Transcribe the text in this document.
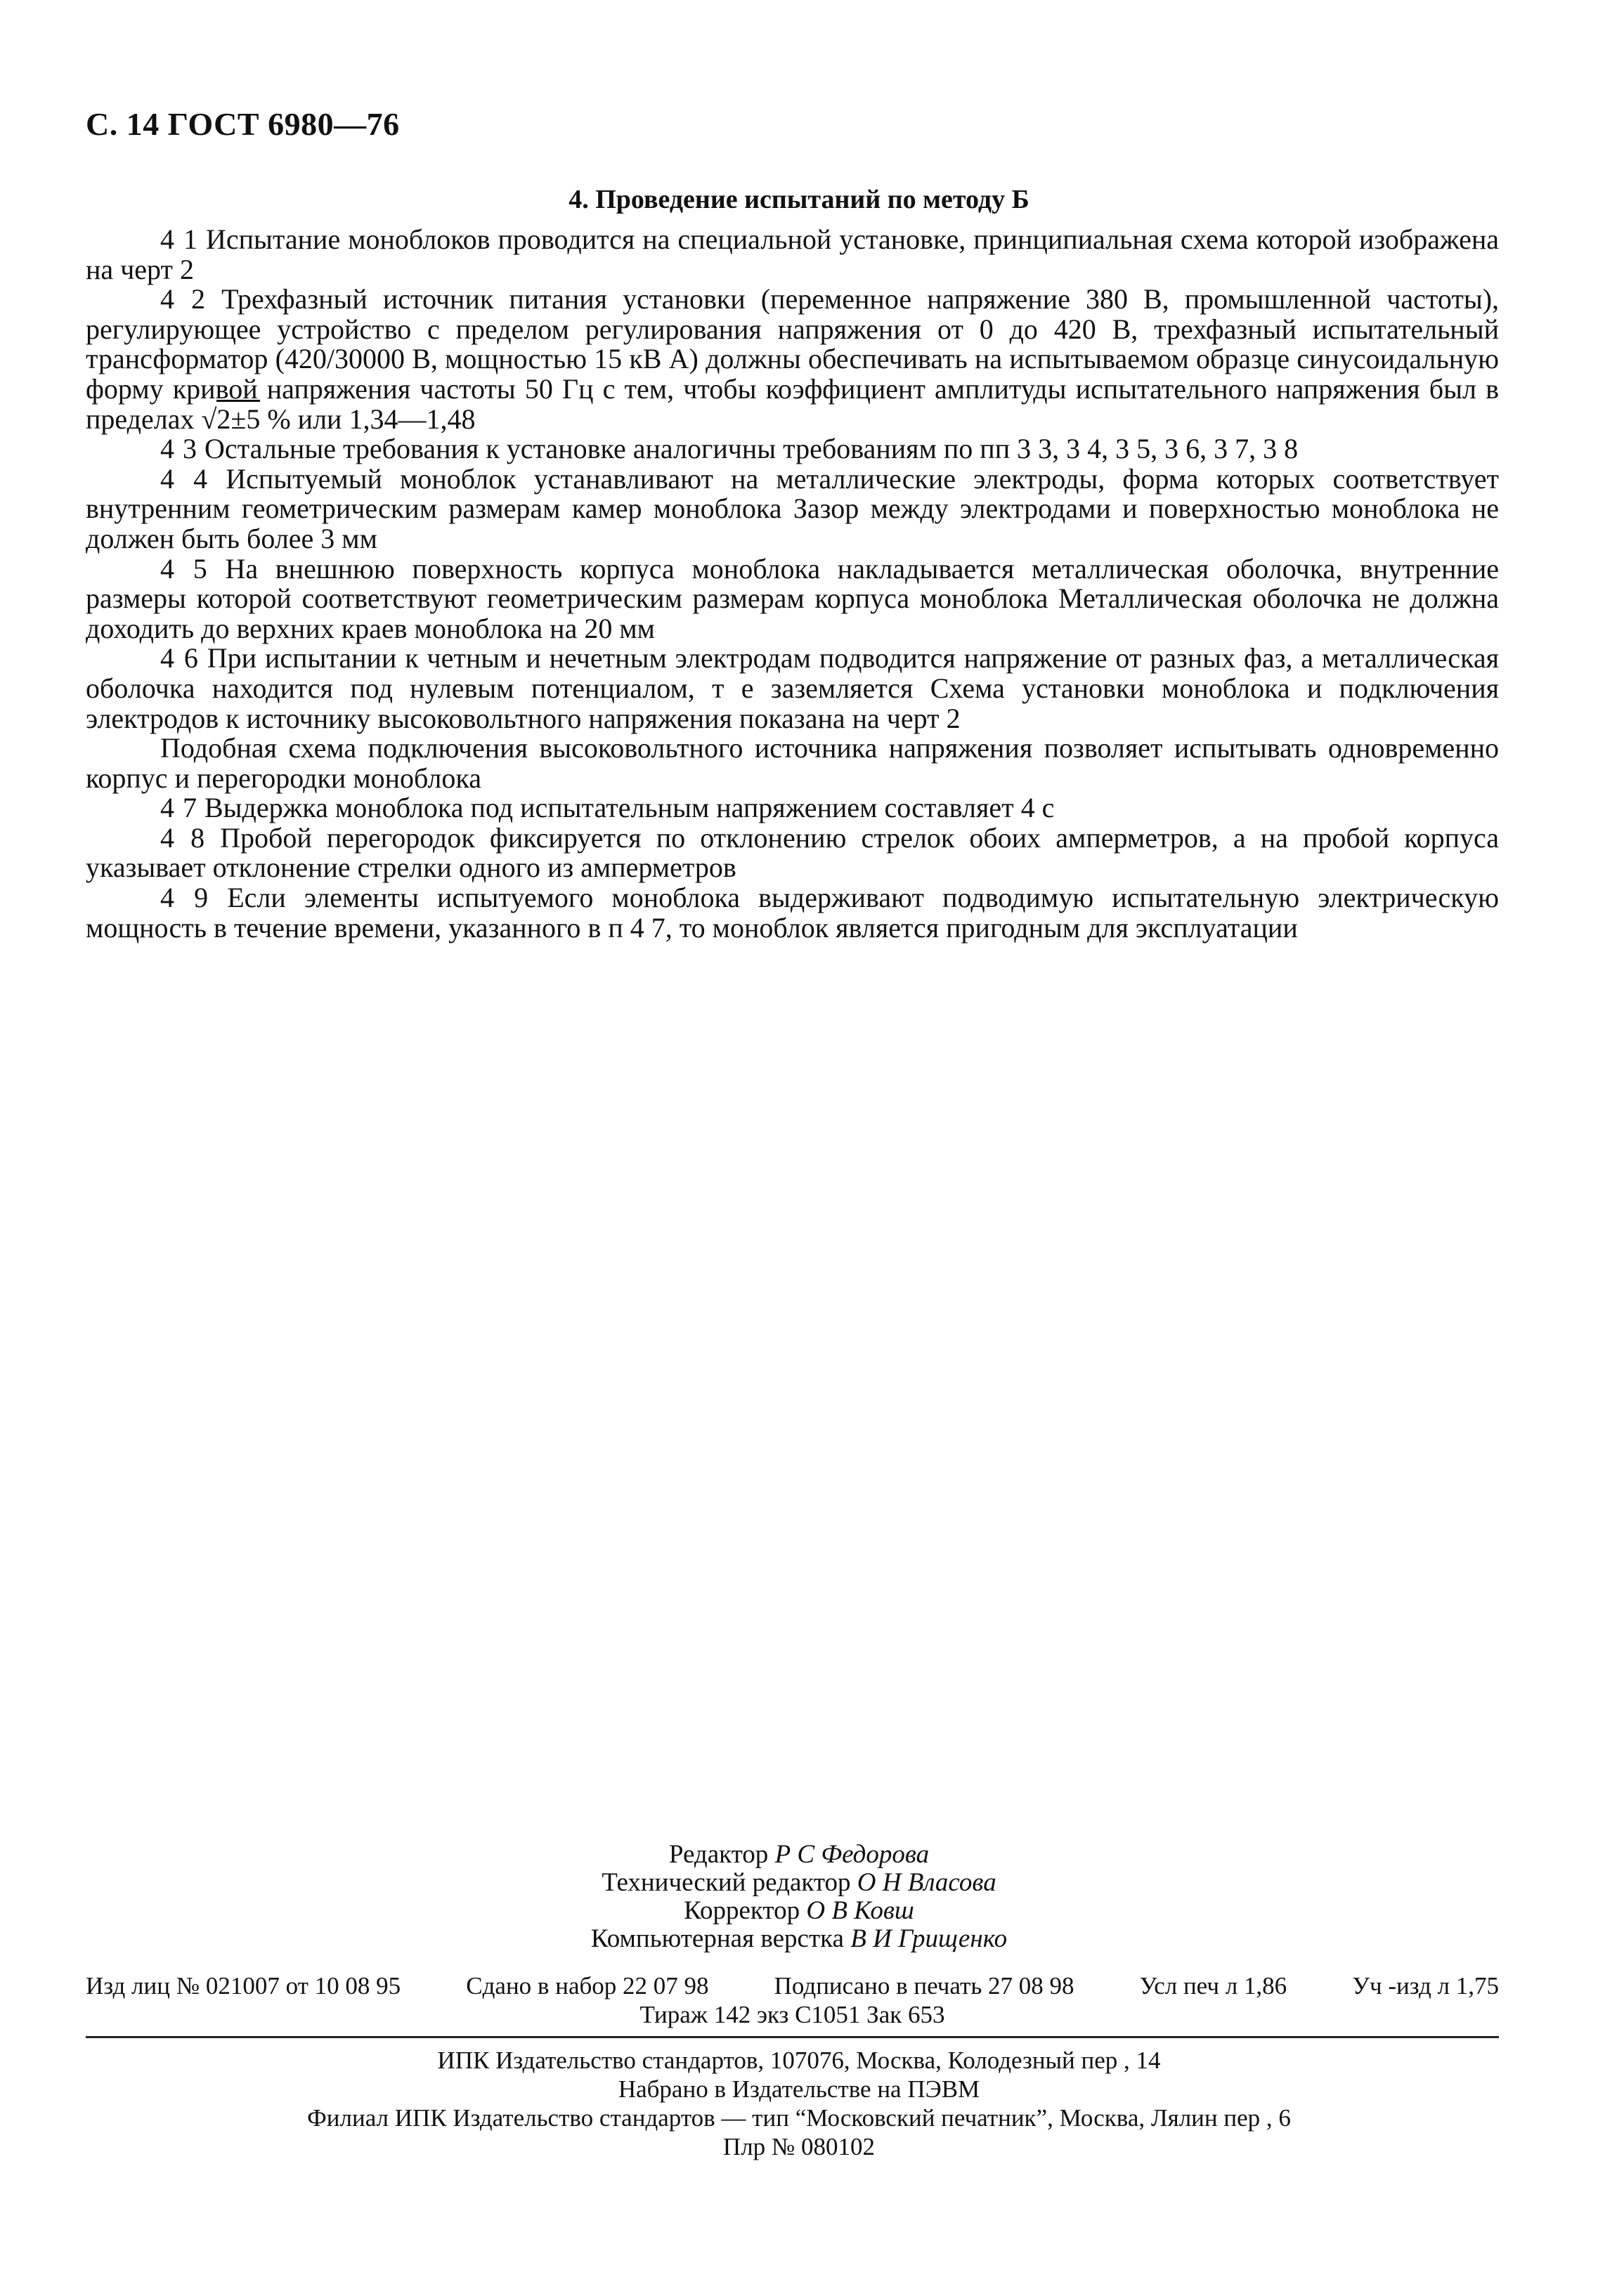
С. 14 ГОСТ 6980—76
4. Проведение испытаний по методу Б

4 1 Испытание моноблоков проводится на специальной установке, принципиальная схема которой изображена на черт 2

4 2 Трехфазный источник питания установки (переменное напряжение 380 В, промышленной частоты), регулирующее устройство с пределом регулирования напряжения от 0 до 420 В, трехфазный испытательный трансформатор (420/30000 В, мощностью 15 кВ А) должны обеспечивать на испытываемом образце синусоидальную форму кривой напряжения частоты 50 Гц с тем, чтобы коэффициент амплитуды испытательного напряжения был в пределах √2±5 % или 1,34—1,48

4 3 Остальные требования к установке аналогичны требованиям по пп 3 3, 3 4, 3 5, 3 6, 3 7, 3 8

4 4 Испытуемый моноблок устанавливают на металлические электроды, форма которых соответствует внутренним геометрическим размерам камер моноблока Зазор между электродами и поверхностью моноблока не должен быть более 3 мм

4 5 На внешнюю поверхность корпуса моноблока накладывается металлическая оболочка, внутренние размеры которой соответствуют геометрическим размерам корпуса моноблока Металлическая оболочка не должна доходить до верхних краев моноблока на 20 мм

4 6 При испытании к четным и нечетным электродам подводится напряжение от разных фаз, а металлическая оболочка находится под нулевым потенциалом, т е заземляется Схема установки моноблока и подключения электродов к источнику высоковольтного напряжения показана на черт 2

Подобная схема подключения высоковольтного источника напряжения позволяет испытывать одновременно корпус и перегородки моноблока

4 7 Выдержка моноблока под испытательным напряжением составляет 4 с

4 8 Пробой перегородок фиксируется по отклонению стрелок обоих амперметров, а на пробой корпуса указывает отклонение стрелки одного из амперметров

4 9 Если элементы испытуемого моноблока выдерживают подводимую испытательную электрическую мощность в течение времени, указанного в п 4 7, то моноблок является пригодным для эксплуатации

Редактор Р С Федорова

Технический редактор О Н Власова

Корректор О В Ковш

Компьютерная верстка В И Грищенко

Изд лиц № 021007 от 10 08 95	Сдано в набор 22 07 98	Подписано в печать 27 08 98	Усл печ л 1,86	Уч -изд л 1,75
Тираж 142 экз С1051 Зак 653

ИПК Издательство стандартов, 107076, Москва, Колодезный пер , 14

Набрано в Издательстве на ПЭВМ

Филиал ИПК Издательство стандартов — тип “Московский печатник”, Москва, Лялин пер , 6

Плр № 080102
